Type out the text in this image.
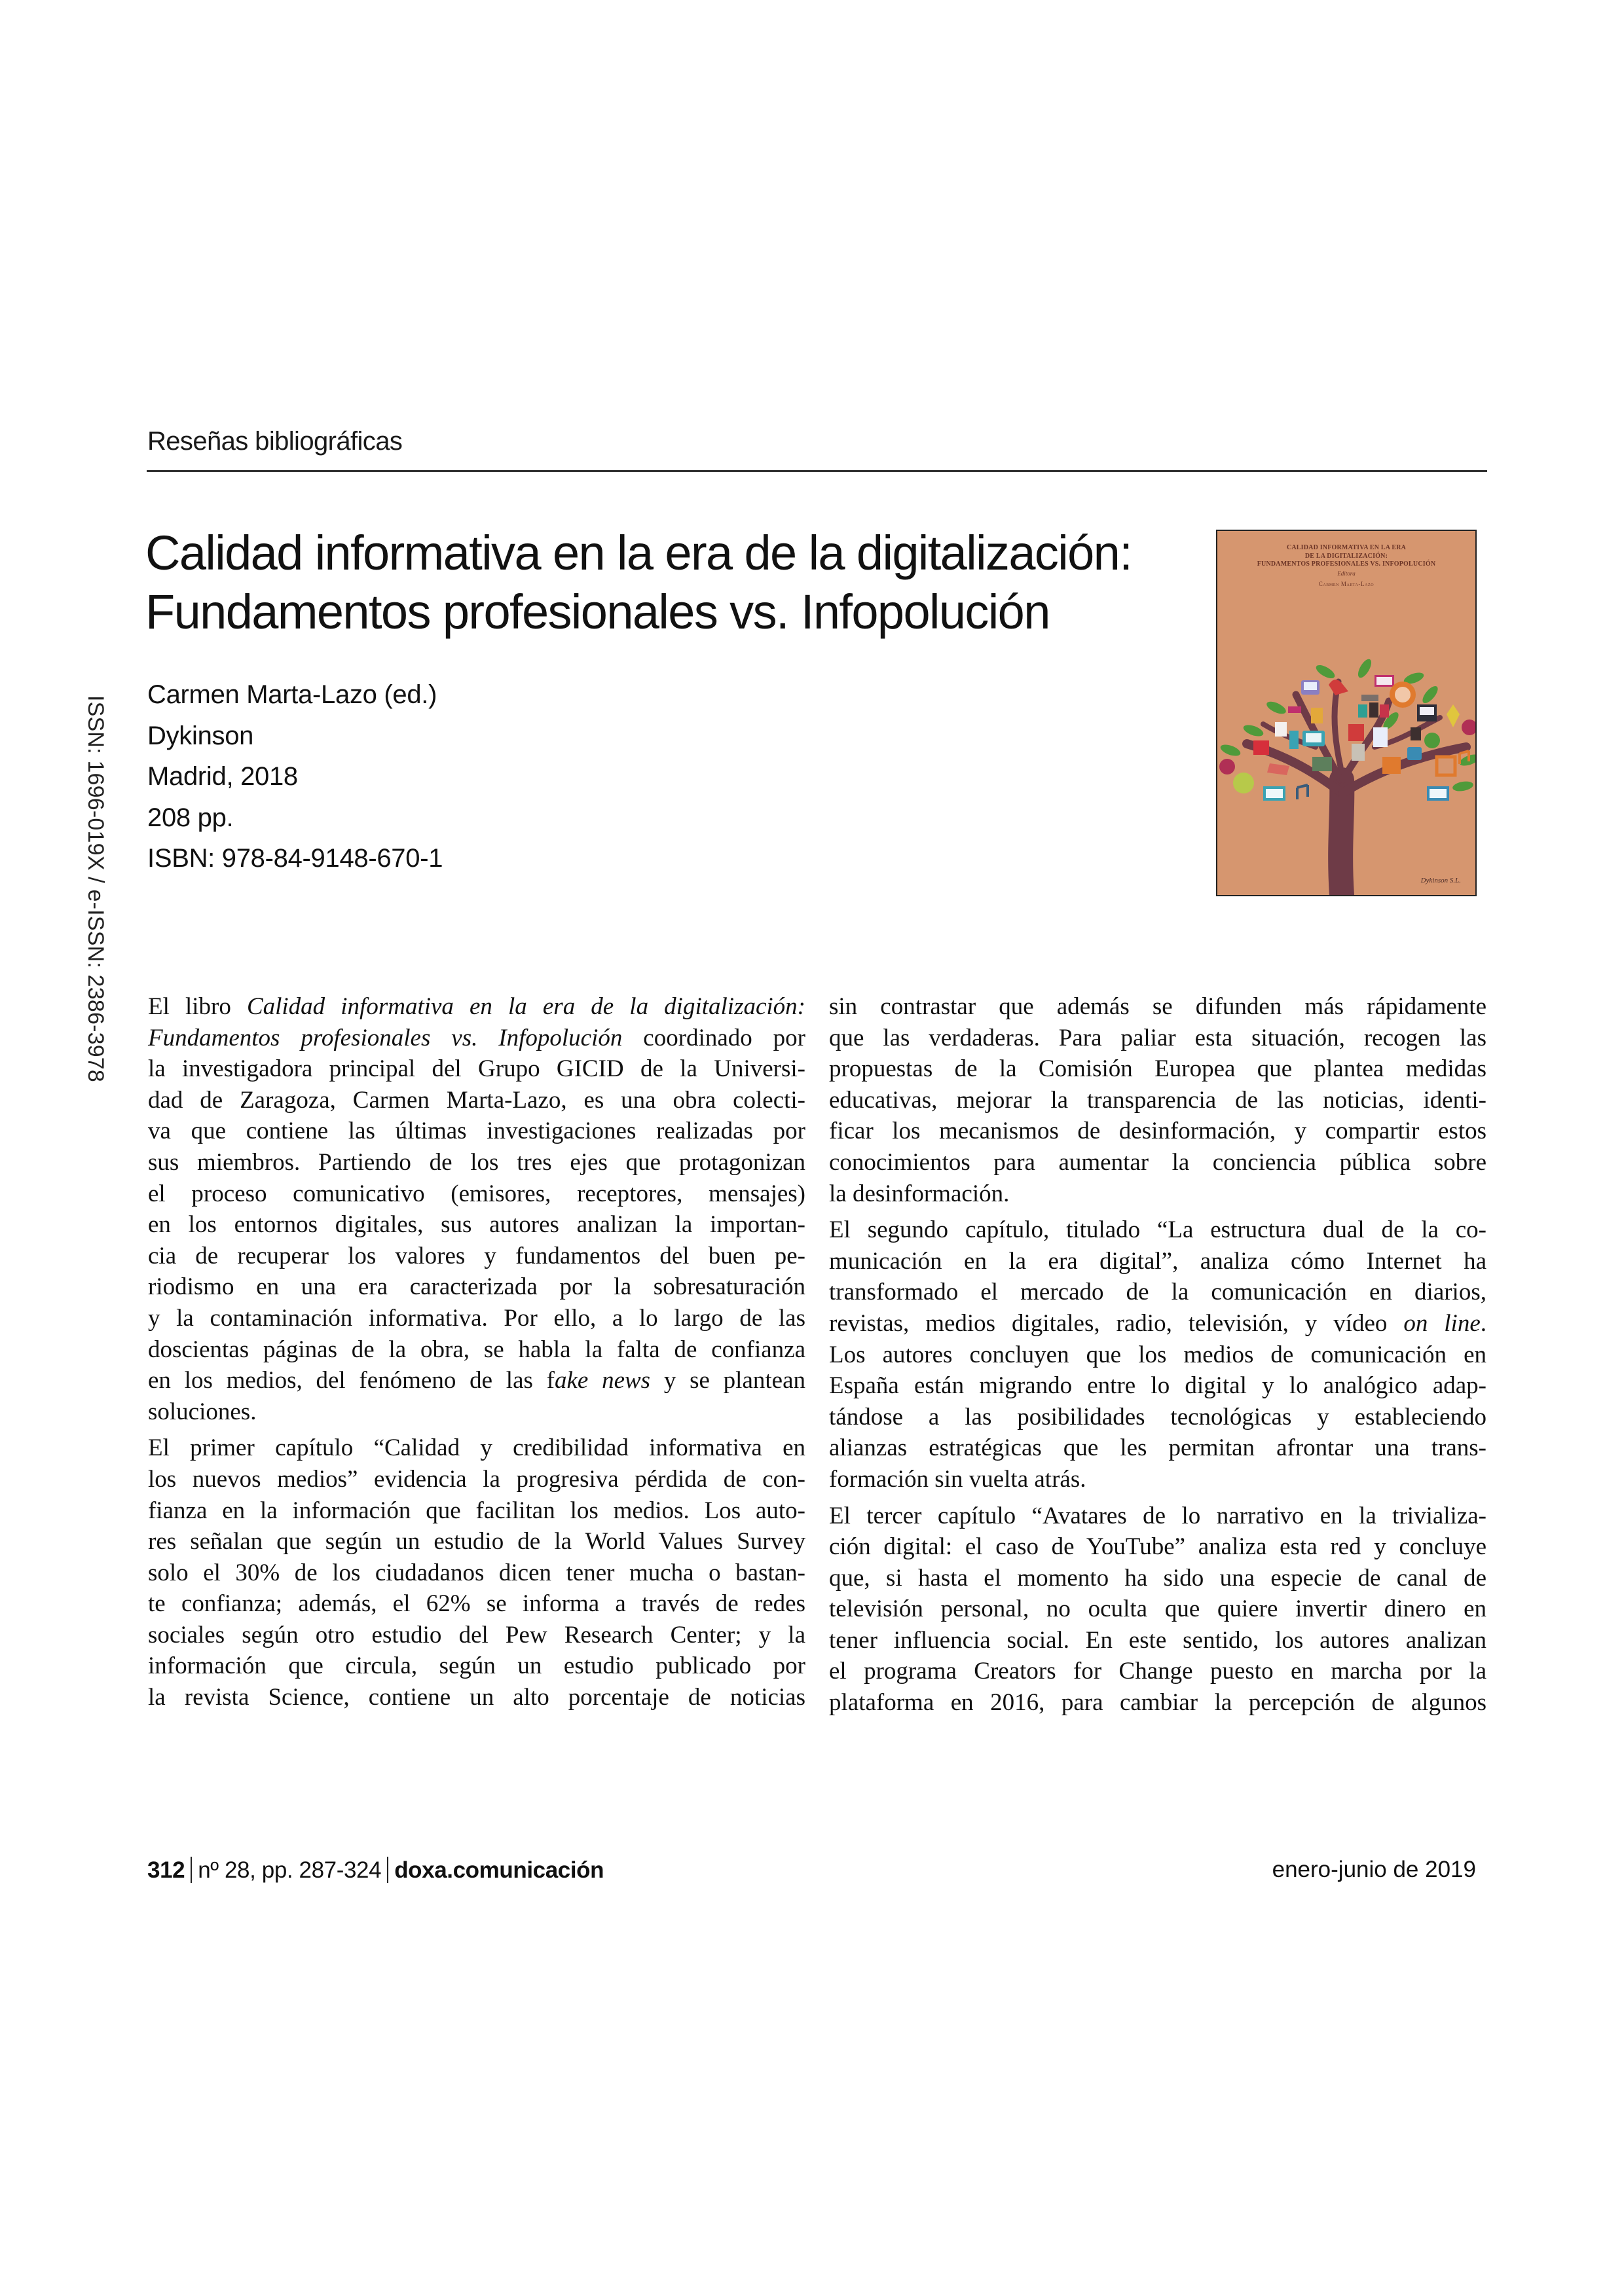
Reseñas bibliográficas
ISSN: 1696-019X / e-ISSN: 2386-3978
Calidad informativa en la era de la digitalización:
Fundamentos profesionales vs. Infopolución
Carmen Marta-Lazo (ed.)
Dykinson
Madrid, 2018
208 pp.
ISBN: 978-84-9148-670-1
CALIDAD INFORMATIVA EN LA ERA
DE LA DIGITALIZACIÓN:
FUNDAMENTOS PROFESIONALES VS. INFOPOLUCIÓN
Editora
Carmen Marta-Lazo
Dykinson S.L.
El libro Calidad informativa en la era de la digitalización:
Fundamentos profesionales vs. Infopolución coordinado por
la investigadora principal del Grupo GICID de la Universi-
dad de Zaragoza, Carmen Marta-Lazo, es una obra colecti-
va que contiene las últimas investigaciones realizadas por
sus miembros. Partiendo de los tres ejes que protagonizan
el proceso comunicativo (emisores, receptores, mensajes)
en los entornos digitales, sus autores analizan la importan-
cia de recuperar los valores y fundamentos del buen pe-
riodismo en una era caracterizada por la sobresaturación
y la contaminación informativa. Por ello, a lo largo de las
doscientas páginas de la obra, se habla la falta de confianza
en los medios, del fenómeno de las fake news y se plantean
soluciones.
El primer capítulo “Calidad y credibilidad informativa en
los nuevos medios” evidencia la progresiva pérdida de con-
fianza en la información que facilitan los medios. Los auto-
res señalan que según un estudio de la World Values Survey
solo el 30% de los ciudadanos dicen tener mucha o bastan-
te confianza; además, el 62% se informa a través de redes
sociales según otro estudio del Pew Research Center; y la
información que circula, según un estudio publicado por
la revista Science, contiene un alto porcentaje de noticias
sin contrastar que además se difunden más rápidamente
que las verdaderas. Para paliar esta situación, recogen las
propuestas de la Comisión Europea que plantea medidas
educativas, mejorar la transparencia de las noticias, identi-
ficar los mecanismos de desinformación, y compartir estos
conocimientos para aumentar la conciencia pública sobre
la desinformación.
El segundo capítulo, titulado “La estructura dual de la co-
municación en la era digital”, analiza cómo Internet ha
transformado el mercado de la comunicación en diarios,
revistas, medios digitales, radio, televisión, y vídeo on line.
Los autores concluyen que los medios de comunicación en
España están migrando entre lo digital y lo analógico adap-
tándose a las posibilidades tecnológicas y estableciendo
alianzas estratégicas que les permitan afrontar una trans-
formación sin vuelta atrás.
El tercer capítulo “Avatares de lo narrativo en la trivializa-
ción digital: el caso de YouTube” analiza esta red y concluye
que, si hasta el momento ha sido una especie de canal de
televisión personal, no oculta que quiere invertir dinero en
tener influencia social. En este sentido, los autores analizan
el programa Creators for Change puesto en marcha por la
plataforma en 2016, para cambiar la percepción de algunos
312 nº 28, pp. 287-324 doxa.comunicación	enero-junio de 2019
